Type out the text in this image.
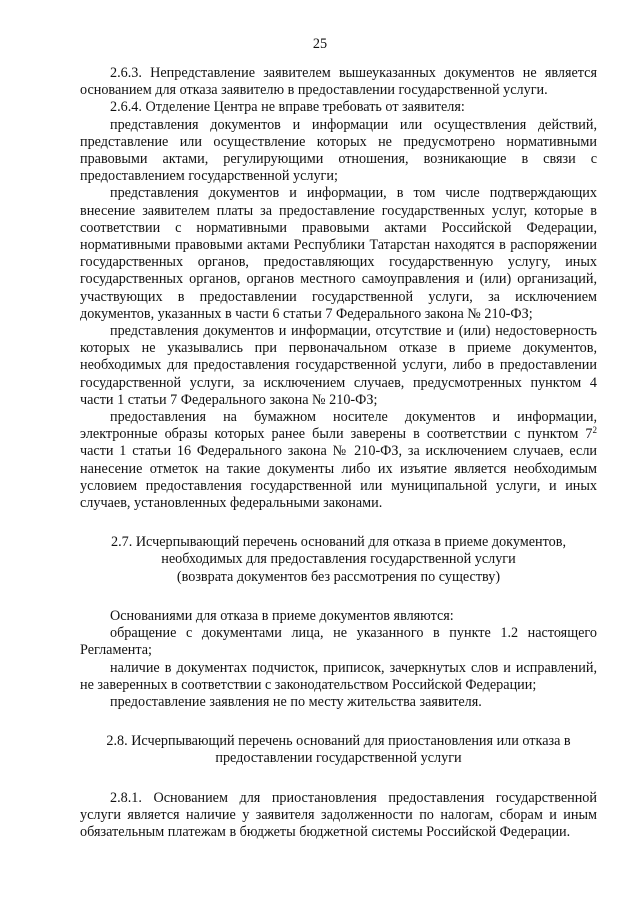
25

2.6.3. Непредставление заявителем вышеуказанных документов не является основанием для отказа заявителю в предоставлении государственной услуги.

2.6.4. Отделение Центра не вправе требовать от заявителя:

представления документов и информации или осуществления действий, представление или осуществление которых не предусмотрено нормативными правовыми актами, регулирующими отношения, возникающие в связи с предоставлением государственной услуги;

представления документов и информации, в том числе подтверждающих внесение заявителем платы за предоставление государственных услуг, которые в соответствии с нормативными правовыми актами Российской Федерации, нормативными правовыми актами Республики Татарстан находятся в распоряжении государственных органов, предоставляющих государственную услугу, иных государственных органов, органов местного самоуправления и (или) организаций, участвующих в предоставлении государственной услуги, за исключением документов, указанных в части 6 статьи 7 Федерального закона № 210-ФЗ;

представления документов и информации, отсутствие и (или) недостоверность которых не указывались при первоначальном отказе в приеме документов, необходимых для предоставления государственной услуги, либо в предоставлении государственной услуги, за исключением случаев, предусмотренных пунктом 4 части 1 статьи 7 Федерального закона № 210-ФЗ;

предоставления на бумажном носителе документов и информации, электронные образы которых ранее были заверены в соответствии с пунктом $7^2$ части 1 статьи 16 Федерального закона № 210-ФЗ, за исключением случаев, если нанесение отметок на такие документы либо их изъятие является необходимым условием предоставления государственной или муниципальной услуги, и иных случаев, установленных федеральными законами.

2.7. Исчерпывающий перечень оснований для отказа в приеме документов,

необходимых для предоставления государственной услуги

(возврата документов без рассмотрения по существу)

Основаниями для отказа в приеме документов являются:

обращение с документами лица, не указанного в пункте 1.2 настоящего Регламента;

наличие в документах подчисток, приписок, зачеркнутых слов и исправлений, не заверенных в соответствии с законодательством Российской Федерации;

предоставление заявления не по месту жительства заявителя.

2.8. Исчерпывающий перечень оснований для приостановления или отказа в

предоставлении государственной услуги

2.8.1. Основанием для приостановления предоставления государственной услуги является наличие у заявителя задолженности по налогам, сборам и иным обязательным платежам в бюджеты бюджетной системы Российской Федерации.
